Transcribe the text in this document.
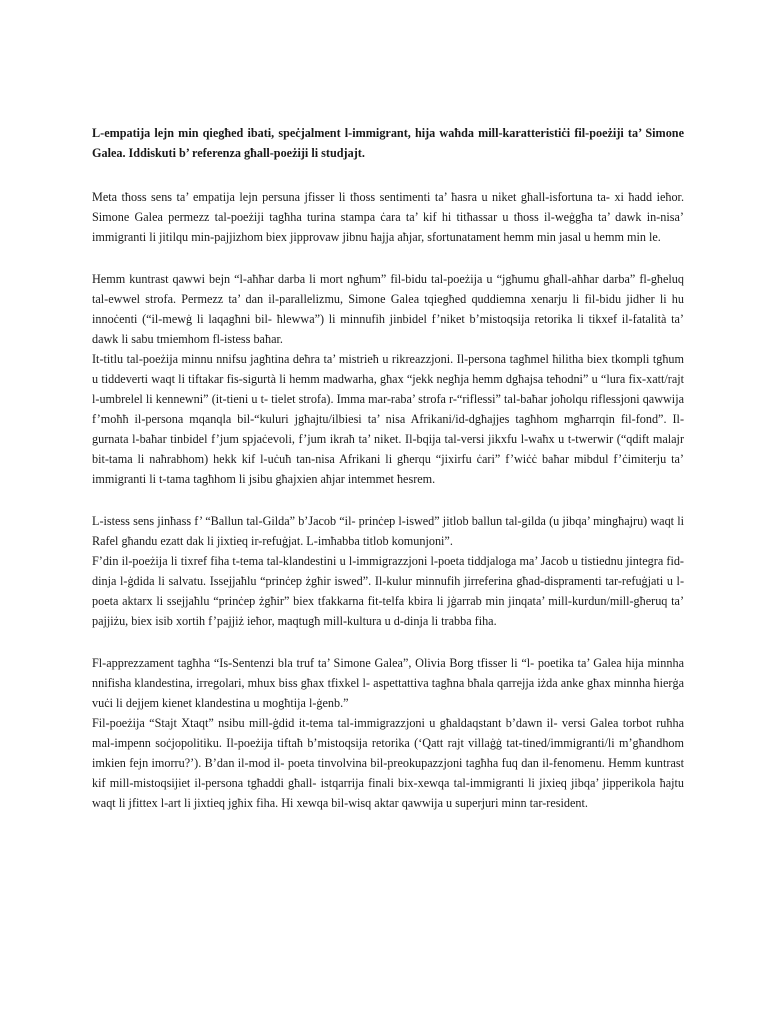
L-empatija lejn min qiegħed ibati, speċjalment l-immigrant, hija waħda mill-karatteristiċi fil-poeżiji ta’ Simone Galea. Iddiskuti b’ referenza għall-poeżiji li studjajt.

Meta tħoss sens ta’ empatija lejn persuna jfisser li tħoss sentimenti ta’ ħasra u niket għall-isfortuna ta- xi ħadd ieħor. Simone Galea permezz tal-poeżiji tagħha turina stampa ċara ta’ kif hi titħassar u tħoss il-weġgħa ta’ dawk in-nisa’ immigranti li jitilqu min-pajjizhom biex jipprovaw jibnu ħajja aħjar, sfortunatament hemm min jasal u hemm min le.

Hemm kuntrast qawwi bejn “l-aħħar darba li mort ngħum” fil-bidu tal-poeżija u “jgħumu għall-aħħar darba” fl-għeluq tal-ewwel strofa. Permezz ta’ dan il-parallelizmu, Simone Galea tqiegħed quddiemna xenarju li fil-bidu jidher li hu innoċenti (“il-mewġ li laqagħni bil- ħlewwa”) li minnufih jinbidel f’niket b’mistoqsija retorika li tikxef il-fatalità ta’ dawk li sabu tmiemhom fl-istess baħar.

It-titlu tal-poeżija minnu nnifsu jagħtina deħra ta’ mistrieħ u rikreazzjoni. Il-persona tagħmel ħilitha biex tkompli tgħum u tiddeverti waqt li tiftakar fis-sigurtà li hemm madwarha, għax “jekk negħja hemm dgħajsa teħodni” u “lura fix-xatt/rajt l-umbrelel li kennewni” (it-tieni u t- tielet strofa). Imma mar-raba’ strofa r-“riflessi” tal-baħar joħolqu riflessjoni qawwija f’moħħ il-persona mqanqla bil-“kuluri jgħajtu/ilbiesi ta’ nisa Afrikani/id-dgħajjes tagħhom mgħarrqin fil-fond”. Il-gurnata l-baħar tinbidel f’jum spjaċevoli, f’jum ikraħ ta’ niket. Il-bqija tal-versi jikxfu l-waħx u t-twerwir (“qdift malajr bit-tama li naħrabhom) hekk kif l-uċuħ tan-nisa Afrikani li għerqu “jixirfu ċari” f’wiċċ baħar mibdul f’ċimiterju ta’ immigranti li t-tama tagħhom li jsibu għajxien aħjar intemmet ħesrem.

L-istess sens jinħass f’ “Ballun tal-Gilda” b’Jacob “il- prinċep l-iswed” jitlob ballun tal-gilda (u jibqa’ mingħajru) waqt li Rafel għandu ezatt dak li jixtieq ir-refuġjat. L-imħabba titlob komunjoni”.

F’din il-poeżija li tixref fiha t-tema tal-klandestini u l-immigrazzjoni l-poeta tiddjaloga ma’ Jacob u tistiednu jintegra fid-dinja l-ġdida li salvatu. Issejjaħlu “prinċep żgħir iswed”. Il-kulur minnufih jirreferina għad-dispramenti tar-refuġjati u l-poeta aktarx li ssejjaħlu “prinċep żgħir” biex tfakkarna fit-telfa kbira li jġarrab min jinqata’ mill-kurdun/mill-għeruq ta’ pajjiżu, biex isib xortih f’pajjiż ieħor, maqtugħ mill-kultura u d-dinja li trabba fiha.

Fl-apprezzament tagħha “Is-Sentenzi bla truf ta’ Simone Galea”, Olivia Borg tfisser li “l- poetika ta’ Galea hija minnha nnifisha klandestina, irregolari, mhux biss għax tfixkel l- aspettattiva tagħna bħala qarrejja iżda anke għax minnha ħierġa vuċi li dejjem kienet klandestina u mogħtija l-ġenb.”

Fil-poeżija “Stajt Xtaqt” nsibu mill-ġdid it-tema tal-immigrazzjoni u għaldaqstant b’dawn il- versi Galea torbot ruħha mal-impenn soċjopolitiku. Il-poeżija tiftaħ b’mistoqsija retorika (‘Qatt rajt villaġġ tat-tined/immigranti/li m’għandhom imkien fejn imorru?’). B’dan il-mod il- poeta tinvolvina bil-preokupazzjoni tagħha fuq dan il-fenomenu. Hemm kuntrast kif mill-mistoqsijiet il-persona tgħaddi għall- istqarrija finali bix-xewqa tal-immigranti li jixieq jibqa’ jipperikola ħajtu waqt li jfittex l-art li jixtieq jgħix fiha. Hi xewqa bil-wisq aktar qawwija u superjuri minn tar-resident.
